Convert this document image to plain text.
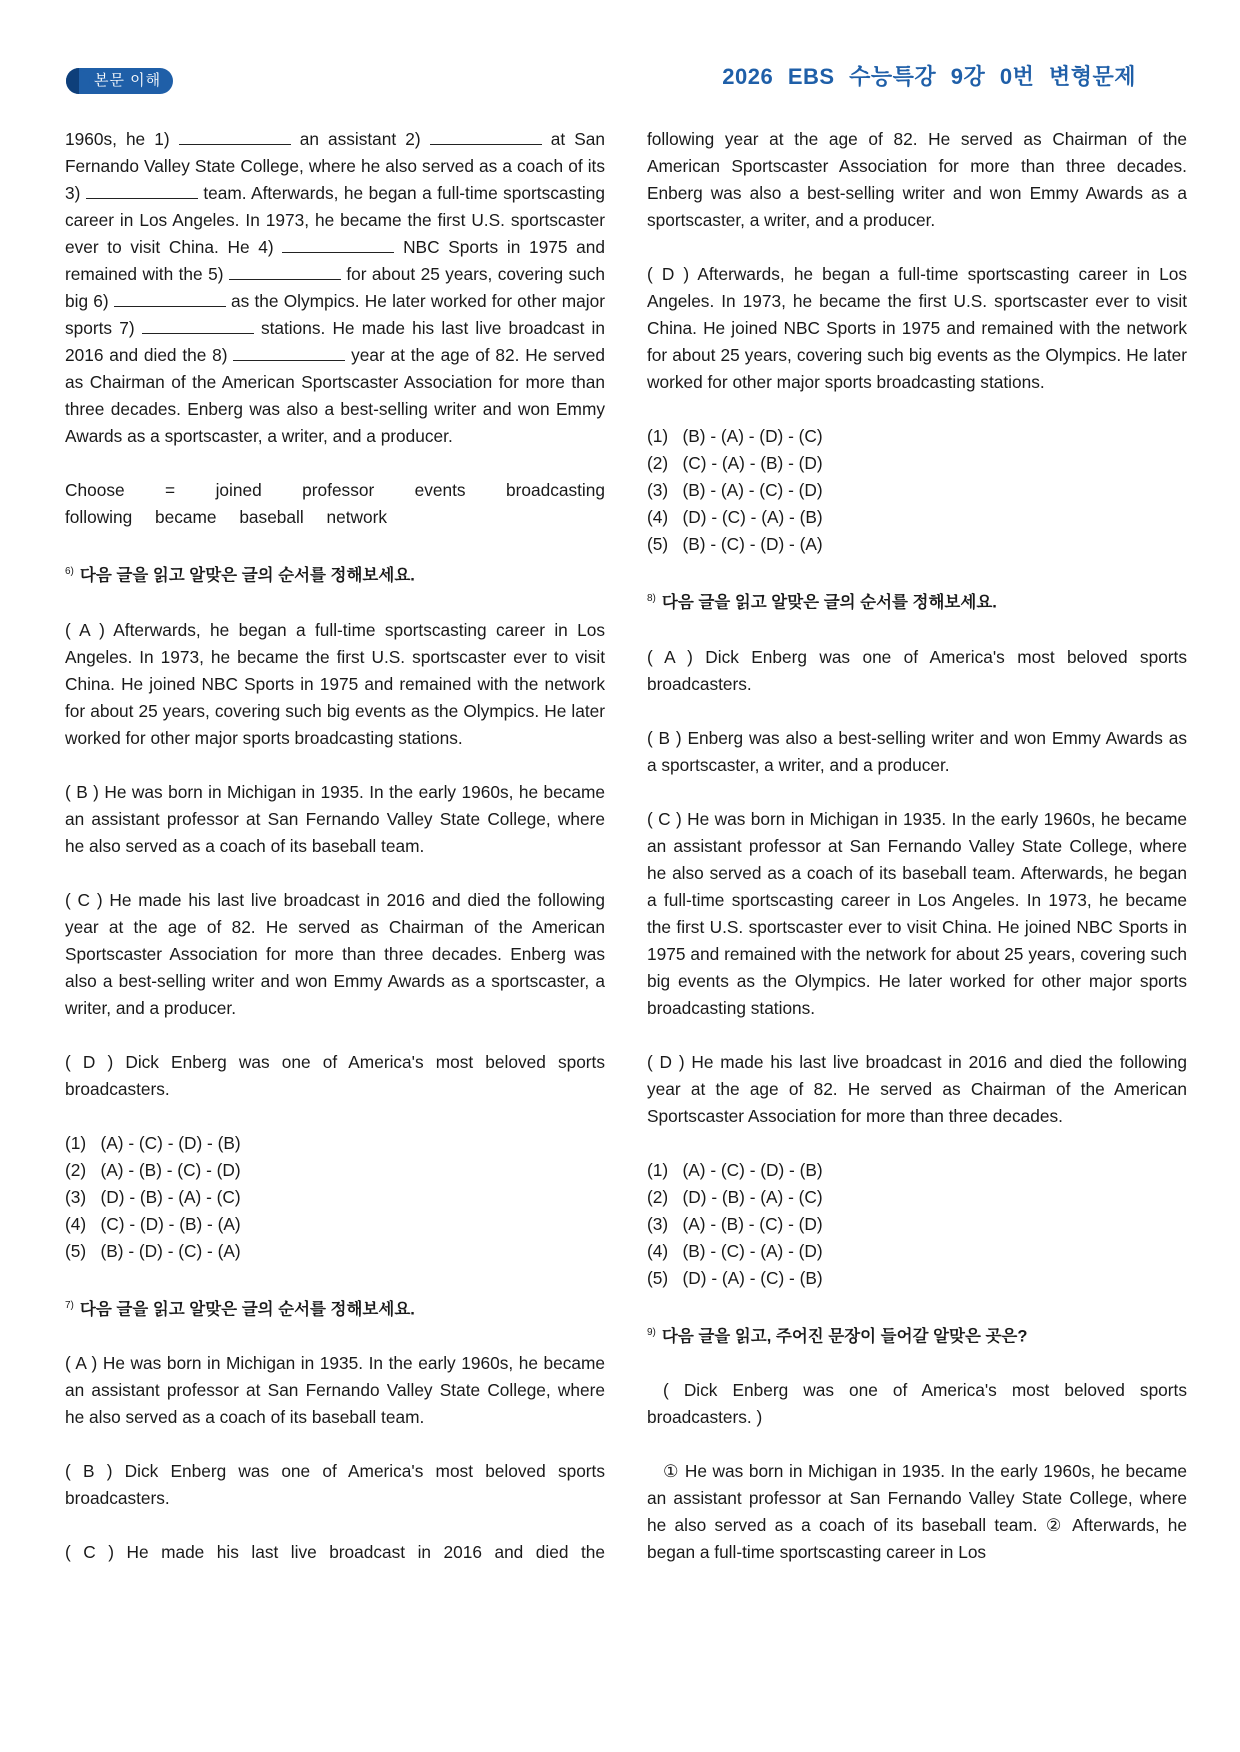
본문 이해	2026 EBS 수능특강 9강 0번 변형문제

1960s, he 1)	an assistant 2)	at San Fernando Valley State College, where he also served as a coach of its 3)	team. Afterwards, he began a full-time sportscasting career in Los Angeles. In 1973, he became the first U.S. sportscaster ever to visit China. He 4)	NBC Sports in 1975 and remained with the 5)	for about 25 years, covering such big 6)	as the Olympics. He later worked for other major sports 7)	stations. He made his last live broadcast in 2016 and died the 8)	year at the age of 82. He served as Chairman of the American Sportscaster Association for more than three decades. Enberg was also a best-selling writer and won Emmy Awards as a sportscaster, a writer, and a producer.

Choose = joined professor events broadcasting following became baseball network

$^{6)}$ 다음 글을 읽고 알맞은 글의 순서를 정해보세요.

( A ) Afterwards, he began a full-time sportscasting career in Los Angeles. In 1973, he became the first U.S. sportscaster ever to visit China. He joined NBC Sports in 1975 and remained with the network for about 25 years, covering such big events as the Olympics. He later worked for other major sports broadcasting stations.

( B ) He was born in Michigan in 1935. In the early 1960s, he became an assistant professor at San Fernando Valley State College, where he also served as a coach of its baseball team.

( C ) He made his last live broadcast in 2016 and died the following year at the age of 82. He served as Chairman of the American Sportscaster Association for more than three decades. Enberg was also a best-selling writer and won Emmy Awards as a sportscaster, a writer, and a producer.

( D ) Dick Enberg was one of America's most beloved sports broadcasters.

(1)   (A) - (C) - (D) - (B)

(2)   (A) - (B) - (C) - (D)

(3)   (D) - (B) - (A) - (C)

(4)   (C) - (D) - (B) - (A)

(5)   (B) - (D) - (C) - (A)

$^{7)}$ 다음 글을 읽고 알맞은 글의 순서를 정해보세요.

( A ) He was born in Michigan in 1935. In the early 1960s, he became an assistant professor at San Fernando Valley State College, where he also served as a coach of its baseball team.

( B ) Dick Enberg was one of America's most beloved sports broadcasters.

( C ) He made his last live broadcast in 2016 and died the

following year at the age of 82. He served as Chairman of the American Sportscaster Association for more than three decades. Enberg was also a best-selling writer and won Emmy Awards as a sportscaster, a writer, and a producer.

( D ) Afterwards, he began a full-time sportscasting career in Los Angeles. In 1973, he became the first U.S. sportscaster ever to visit China. He joined NBC Sports in 1975 and remained with the network for about 25 years, covering such big events as the Olympics. He later worked for other major sports broadcasting stations.

(1)   (B) - (A) - (D) - (C)

(2)   (C) - (A) - (B) - (D)

(3)   (B) - (A) - (C) - (D)

(4)   (D) - (C) - (A) - (B)

(5)   (B) - (C) - (D) - (A)

$^{8)}$ 다음 글을 읽고 알맞은 글의 순서를 정해보세요.

( A ) Dick Enberg was one of America's most beloved sports broadcasters.

( B ) Enberg was also a best-selling writer and won Emmy Awards as a sportscaster, a writer, and a producer.

( C ) He was born in Michigan in 1935. In the early 1960s, he became an assistant professor at San Fernando Valley State College, where he also served as a coach of its baseball team. Afterwards, he began a full-time sportscasting career in Los Angeles. In 1973, he became the first U.S. sportscaster ever to visit China. He joined NBC Sports in 1975 and remained with the network for about 25 years, covering such big events as the Olympics. He later worked for other major sports broadcasting stations.

( D ) He made his last live broadcast in 2016 and died the following year at the age of 82. He served as Chairman of the American Sportscaster Association for more than three decades.

(1)   (A) - (C) - (D) - (B)

(2)   (D) - (B) - (A) - (C)

(3)   (A) - (B) - (C) - (D)

(4)   (B) - (C) - (A) - (D)

(5)   (D) - (A) - (C) - (B)

$^{9)}$ 다음 글을 읽고, 주어진 문장이 들어갈 알맞은 곳은?

( Dick Enberg was one of America's most beloved sports broadcasters. )

① He was born in Michigan in 1935. In the early 1960s, he became an assistant professor at San Fernando Valley State College, where he also served as a coach of its baseball team. ② Afterwards, he began a full-time sportscasting career in Los
